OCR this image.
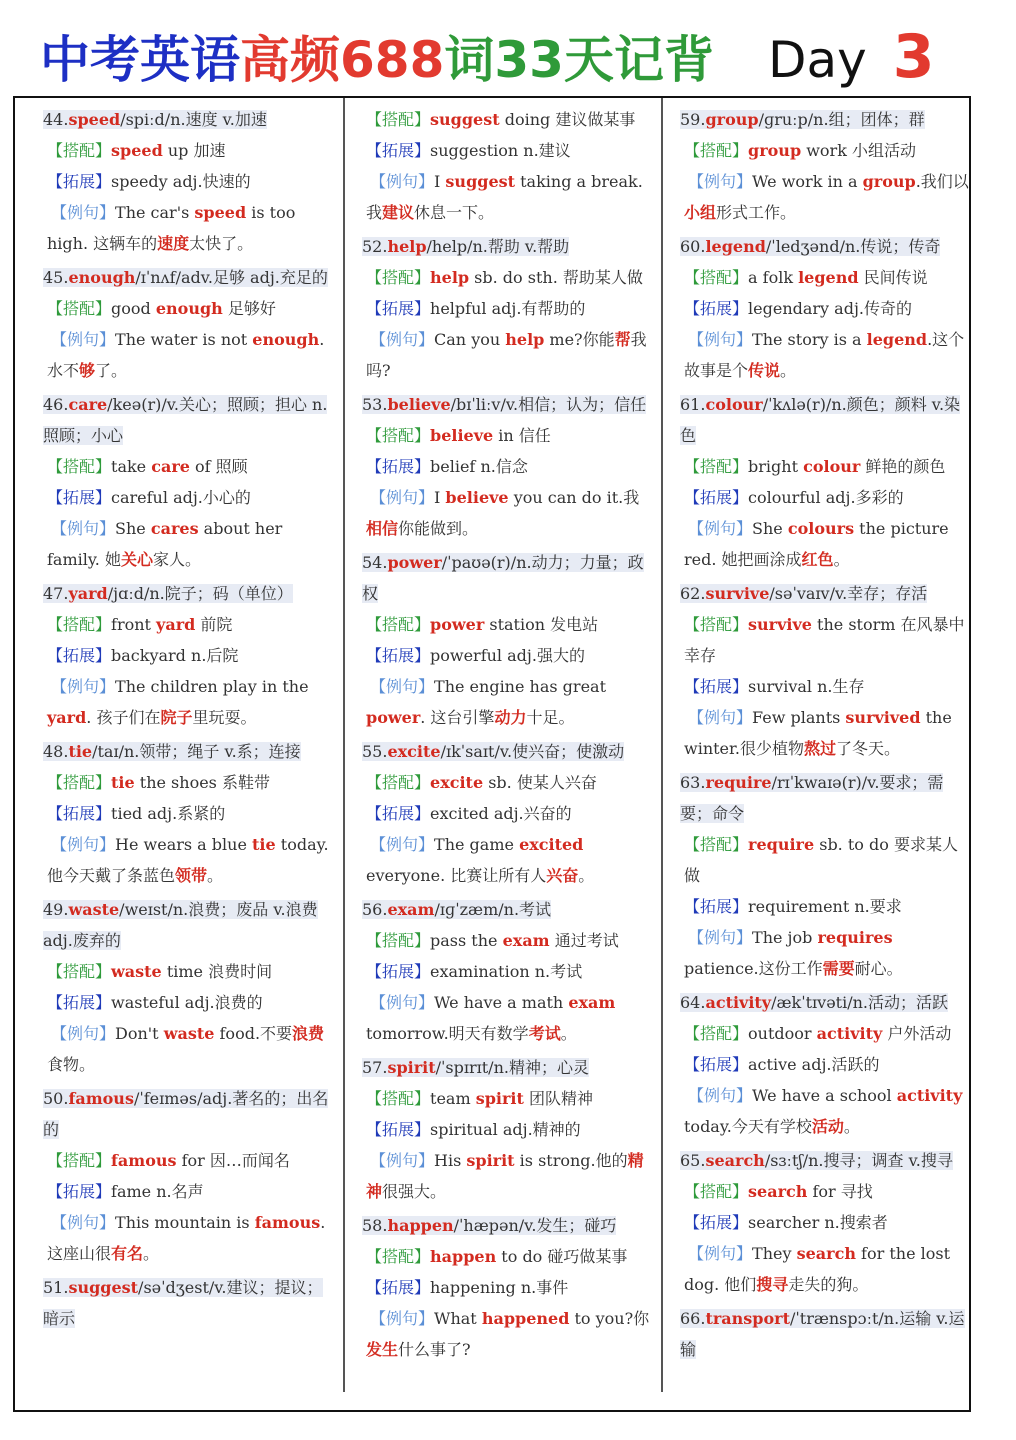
中考英语高频688词33天记背 Day 3
44.speed/spiːd/n.速度 v.加速
【搭配】speed up 加速
【拓展】speedy adj.快速的
【例句】The car's speed is too high. 这辆车的速度太快了。
45.enough/ɪˈnʌf/adv.足够 adj.充足的
【搭配】good enough 足够好
【例句】The water is not enough.水不够了。
46.care/keə(r)/v.关心；照顾；担心 n.照顾；小心
【搭配】take care of 照顾
【拓展】careful adj.小心的
【例句】She cares about her family. 她关心家人。
47.yard/jɑːd/n.院子；码（单位）
【搭配】front yard 前院
【拓展】backyard n.后院
【例句】The children play in the yard. 孩子们在院子里玩耍。
48.tie/taɪ/n.领带；绳子 v.系；连接
【搭配】tie the shoes 系鞋带
【拓展】tied adj.系紧的
【例句】He wears a blue tie today.他今天戴了条蓝色领带。
49.waste/weɪst/n.浪费；废品 v.浪费 adj.废弃的
【搭配】waste time 浪费时间
【拓展】wasteful adj.浪费的
【例句】Don't waste food.不要浪费食物。
50.famous/ˈfeɪməs/adj.著名的；出名的
【搭配】famous for 因…而闻名
【拓展】fame n.名声
【例句】This mountain is famous.这座山很有名。
51.suggest/səˈdʒest/v.建议；提议；暗示
【搭配】suggest doing 建议做某事
【拓展】suggestion n.建议
【例句】I suggest taking a break.我建议休息一下。
52.help/help/n.帮助 v.帮助
【搭配】help sb. do sth. 帮助某人做
【拓展】helpful adj.有帮助的
【例句】Can you help me?你能帮我吗?
53.believe/bɪˈliːv/v.相信；认为；信任
【搭配】believe in 信任
【拓展】belief n.信念
【例句】I believe you can do it.我相信你能做到。
54.power/ˈpaʊə(r)/n.动力；力量；政权
【搭配】power station 发电站
【拓展】powerful adj.强大的
【例句】The engine has great power. 这台引擎动力十足。
55.excite/ɪkˈsaɪt/v.使兴奋；使激动
【搭配】excite sb. 使某人兴奋
【拓展】excited adj.兴奋的
【例句】The game excited everyone. 比赛让所有人兴奋。
56.exam/ɪɡˈzæm/n.考试
【搭配】pass the exam 通过考试
【拓展】examination n.考试
【例句】We have a math exam tomorrow.明天有数学考试。
57.spirit/ˈspɪrɪt/n.精神；心灵
【搭配】team spirit 团队精神
【拓展】spiritual adj.精神的
【例句】His spirit is strong.他的精神很强大。
58.happen/ˈhæpən/v.发生；碰巧
【搭配】happen to do 碰巧做某事
【拓展】happening n.事件
【例句】What happened to you?你发生什么事了?
59.group/ɡruːp/n.组；团体；群
【搭配】group work 小组活动
【例句】We work in a group.我们以小组形式工作。
60.legend/ˈledʒənd/n.传说；传奇
【搭配】a folk legend 民间传说
【拓展】legendary adj.传奇的
【例句】The story is a legend.这个故事是个传说。
61.colour/ˈkʌlə(r)/n.颜色；颜料 v.染色
【搭配】bright colour 鲜艳的颜色
【拓展】colourful adj.多彩的
【例句】She colours the picture red. 她把画涂成红色。
62.survive/səˈvaɪv/v.幸存；存活
【搭配】survive the storm 在风暴中幸存
【拓展】survival n.生存
【例句】Few plants survived the winter.很少植物熬过了冬天。
63.require/rɪˈkwaɪə(r)/v.要求；需要；命令
【搭配】require sb. to do 要求某人做
【拓展】requirement n.要求
【例句】The job requires patience.这份工作需要耐心。
64.activity/ækˈtɪvəti/n.活动；活跃
【搭配】outdoor activity 户外活动
【拓展】active adj.活跃的
【例句】We have a school activity today.今天有学校活动。
65.search/sɜːtʃ/n.搜寻；调查 v.搜寻
【搭配】search for 寻找
【拓展】searcher n.搜索者
【例句】They search for the lost dog. 他们搜寻走失的狗。
66.transport/ˈtrænspɔːt/n.运输 v.运输
